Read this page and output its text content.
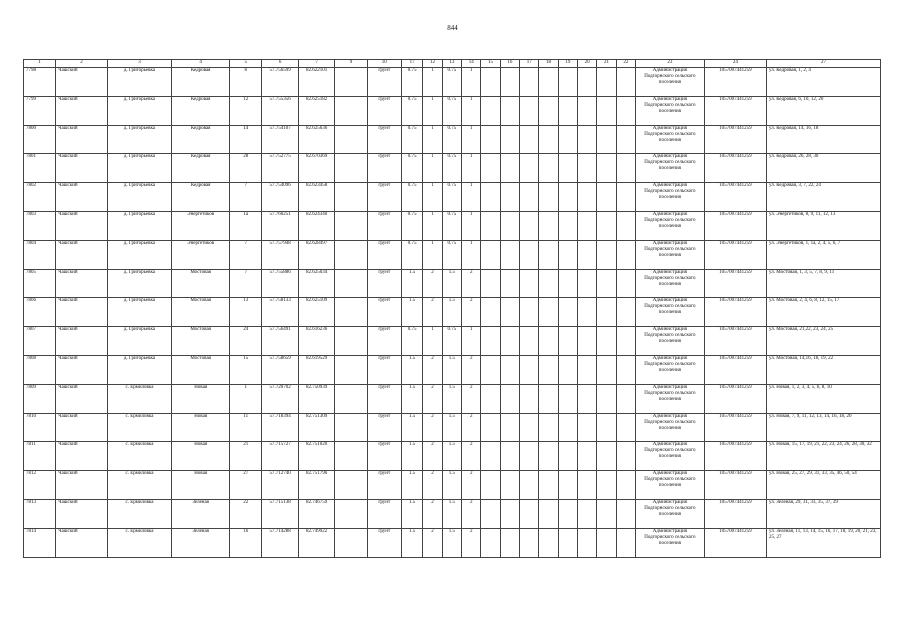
844
1	2	3	4	5	6	7	9	10	17	12	13	14	15	16	17	18	19	20	21	22	23	24	27
7798	Чашский	д. Григорьевка	Кедровая	8	57.756599	82.622101		грунт	0.75	1	0.75	1									Администрация Подгорнского сельского поселения	1057007441259	ул. Кедровая, 1, 2, 4
7799	Чашский	д. Григорьевка	Кедровая	12	57.755356	82.625182		грунт	0.75	1	0.75	1									Администрация Подгорнского сельского поселения	1057007441259	ул. Кедровая, 6, 10, 12, 20
7800	Чашский	д. Григорьевка	Кедровая	14	57.754107	82.625636		грунт	0.75	1	0.75	1									Администрация Подгорнского сельского поселения	1057007441259	ул. Кедровая, 14, 16, 18
7801	Чашский	д. Григорьевка	Кедровая	28	57.752775	82.670369		грунт	0.75	1	0.75	1									Администрация Подгорнского сельского поселения	1057007441259	ул. Кедровая, 26, 28, 30
7802	Чашский	д. Григорьевка	Кедровая	7	57.754096	82.623458		грунт	0.75	1	0.75	1									Администрация Подгорнского сельского поселения	1057007441259	ул. Кедровая, 3, 7, 22, 24
7803	Чашский	д. Григорьевка	Энергетиков	1а	57.760251	82.624340		грунт	0.75	1	0.75	1									Администрация Подгорнского сельского поселения	1057007441259	ул. Энергетиков, 8, 9, 11, 12, 13
7804	Чашский	д. Григорьевка	Энергетиков	7	57.757948	82.628497		грунт	0.75	1	0.75	1									Администрация Подгорнского сельского поселения	1057007441259	ул. Энергетиков, 1, 1а, 2, 4, 5, 6, 7
7805	Чашский	д. Григорьевка	Мостовая	7	57.755886	82.625034		грунт	1.5	2	1.5	2									Администрация Подгорнского сельского поселения	1057007441259	ул. Мостовая, 1, 3, 5, 7, 8, 9, 11
7806	Чашский	д. Григорьевка	Мостовая	13	57.758133	82.625109		грунт	1.5	2	1.5	2									Администрация Подгорнского сельского поселения	1057007441259	ул. Мостовая, 2, 4, 6, 8, 12, 15, 17
7807	Чашский	д. Григорьевка	Мостовая	24	57.756491	82.616236		грунт	0.75	1	0.75	1									Администрация Подгорнского сельского поселения	1057007441259	ул. Мостовая, 21,22, 23, 24, 25
7808	Чашский	д. Григорьевка	Мостовая	15	57.758659	82.619529		грунт	1.5	2	1.5	2									Администрация Подгорнского сельского поселения	1057007441259	ул. Мостовая, 14,16, 18, 19, 22
7809	Чашский	с. Ермиловка	Новая	1	57.720702	82.750939		грунт	1.5	2	1.5	2									Администрация Подгорнского сельского поселения	1057007441259	ул. Новая, 1, 2, 3, 4, 5, 6, 8, 10
7810	Чашский	с. Ермиловка	Новая	11	57.718394	82.751309		грунт	1.5	2	1.5	2									Администрация Подгорнского сельского поселения	1057007441259	ул. Новая, 7, 9, 11, 12, 13, 14, 16, 18, 20
7811	Чашский	с. Ермиловка	Новая	21	57.715727	82.751020		грунт	1.5	2	1.5	2									Администрация Подгорнского сельского поселения	1057007441259	ул. Новая, 15, 17, 19, 21, 22, 23, 24, 26, 28, 30, 32
7812	Чашский	с. Ермиловка	Новая	27	57.712740	82.751796		грунт	1.5	2	1.5	2									Администрация Подгорнского сельского поселения	1057007441259	ул. Новая, 25, 27, 29, 31, 33, 35, 46, 50, 54
7813	Чашский	с. Ермиловка	Зеленая	22	57.715138	82.746759		грунт	1.5	2	1.5	2									Администрация Подгорнского сельского поселения	1057007441259	ул. Зеленая, 29, 31, 33, 35, 37, 39
7814	Чашский	с. Ермиловка	Зеленая	16	57.714288	82.749922		грунт	1.5	2	1.5	2									Администрация Подгорнского сельского поселения	1057007441259	ул. Зеленая, 11, 13, 14, 15, 16, 17, 18, 19, 20, 21, 23, 25, 27
